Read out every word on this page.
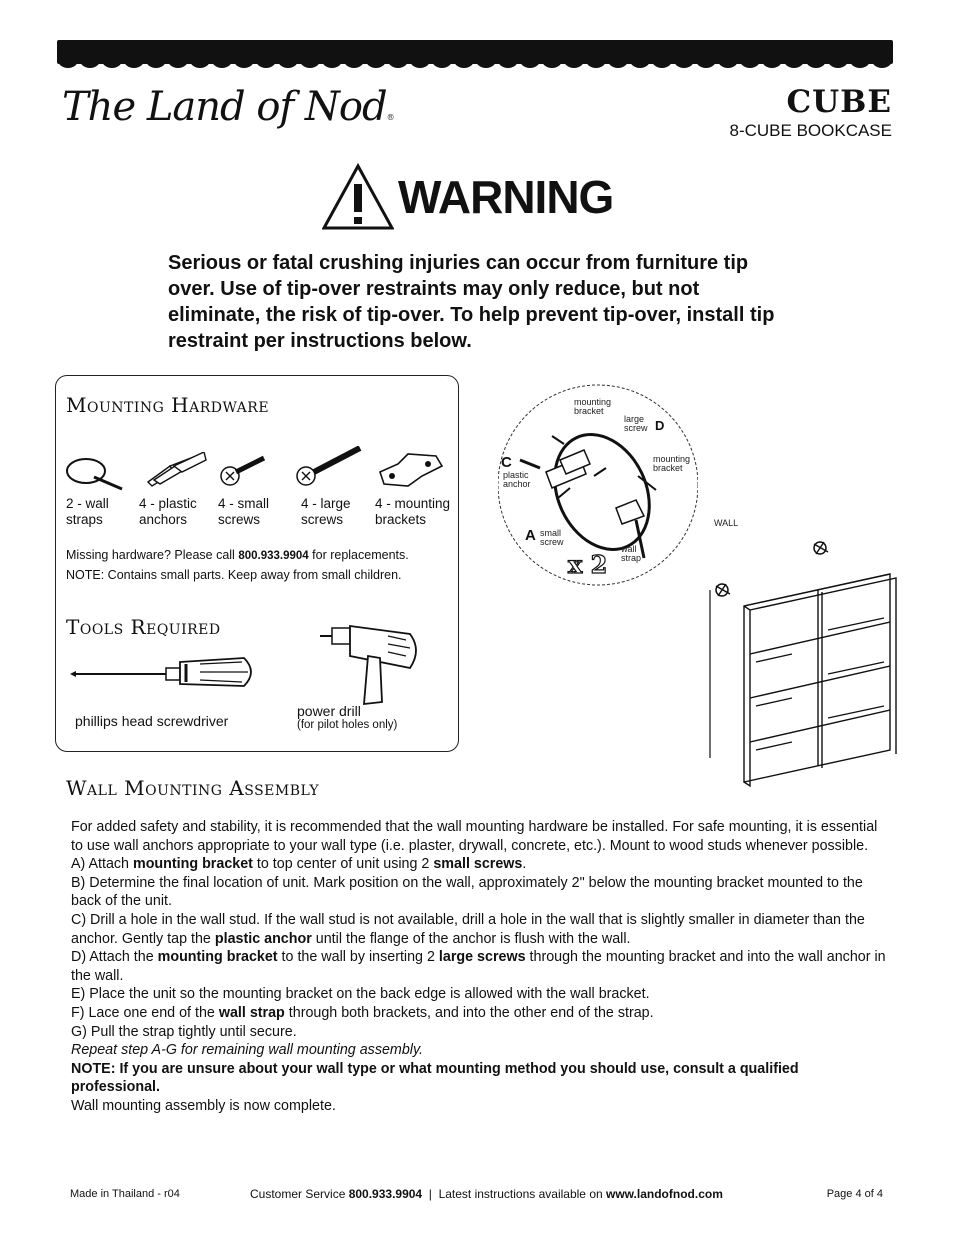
The Land of Nod®	CUBE
8-CUBE BOOKCASE
WARNING
Serious or fatal crushing injuries can occur from furniture tip over. Use of tip-over restraints may only reduce, but not eliminate, the risk of tip-over. To help prevent tip-over, install tip restraint per instructions below.
Mounting Hardware
2 - wall
straps
4 - plastic
anchors
4 - small
screws
4 - large
screws
4 - mounting
brackets
Missing hardware? Please call 800.933.9904 for replacements.
NOTE: Contains small parts. Keep away from small children.
Tools Required
phillips head screwdriver
power drill
(for pilot holes only)
mounting
bracket
large
screw D
mounting
bracket
C
plastic
anchor
A small
screw
wall
strap
x 2
WALL
Wall Mounting Assembly

For added safety and stability, it is recommended that the wall mounting hardware be installed. For safe mounting, it is essential to use wall anchors appropriate to your wall type (i.e. plaster, drywall, concrete, etc.). Mount to wood studs whenever possible.

A) Attach mounting bracket to top center of unit using 2 small screws.

B) Determine the final location of unit. Mark position on the wall, approximately 2" below the mounting bracket mounted to the back of the unit.

C) Drill a hole in the wall stud. If the wall stud is not available, drill a hole in the wall that is slightly smaller in diameter than the anchor. Gently tap the plastic anchor until the flange of the anchor is flush with the wall.

D) Attach the mounting bracket to the wall by inserting 2 large screws through the mounting bracket and into the wall anchor in the wall.

E) Place the unit so the mounting bracket on the back edge is allowed with the wall bracket.

F) Lace one end of the wall strap through both brackets, and into the other end of the strap.

G) Pull the strap tightly until secure.

Repeat step A-G for remaining wall mounting assembly.

NOTE: If you are unsure about your wall type or what mounting method you should use, consult a qualified professional.

Wall mounting assembly is now complete.

Made in Thailand - r04	Customer Service 800.933.9904  |  Latest instructions available on www.landofnod.com	Page 4 of 4
